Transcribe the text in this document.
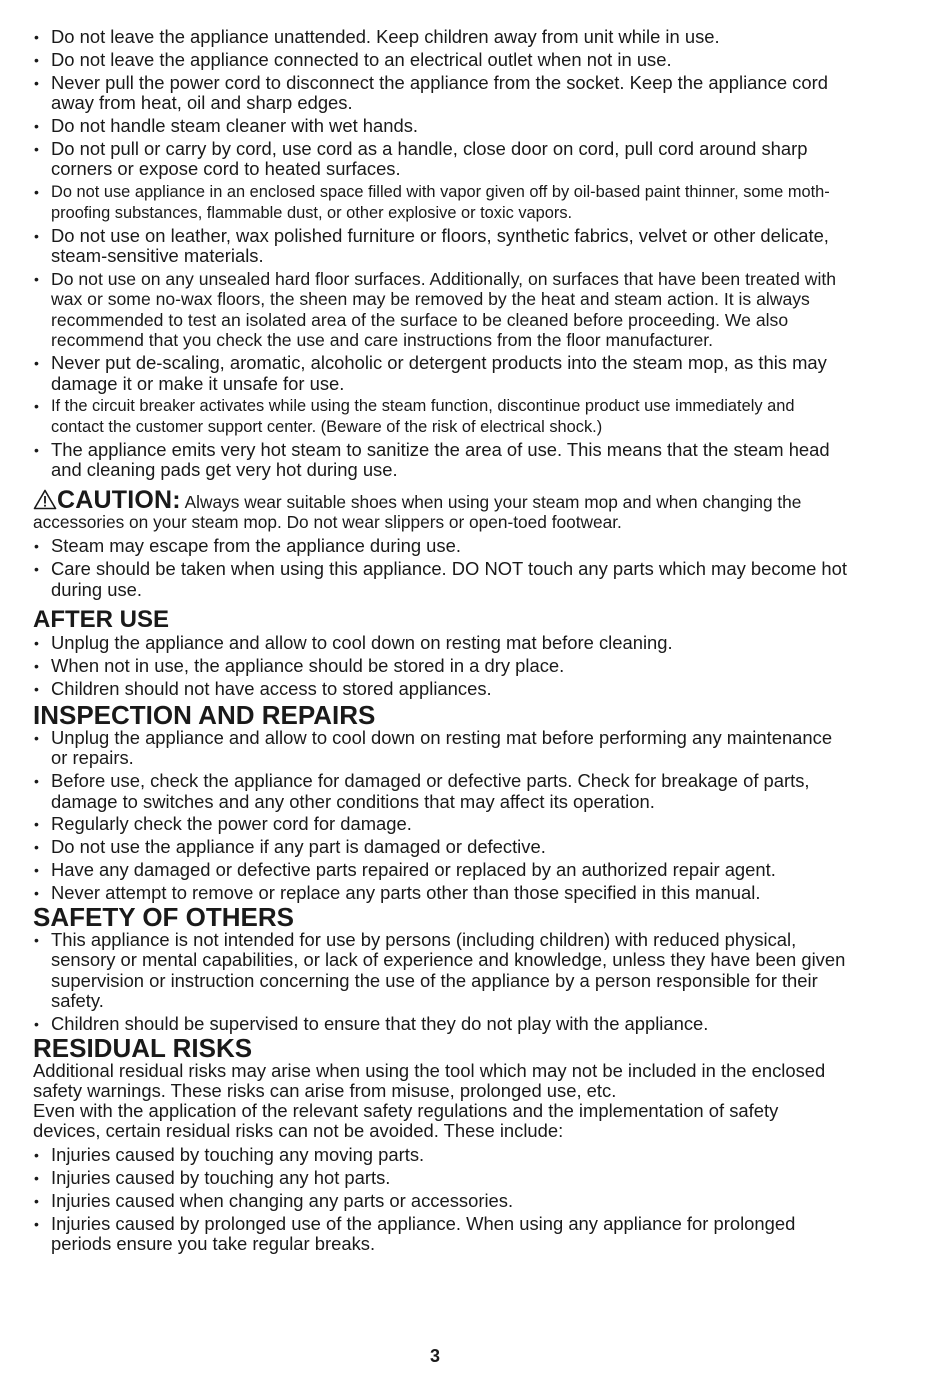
• Do not leave the appliance unattended. Keep children away from unit while in use.
• Do not leave the appliance connected to an electrical outlet when not in use.
• Never pull the power cord to disconnect the appliance from the socket. Keep the appliance cord away from heat, oil and sharp edges.
• Do not handle steam cleaner with wet hands.
• Do not pull or carry by cord, use cord as a handle, close door on cord, pull cord around sharp corners or expose cord to heated surfaces.
• Do not use appliance in an enclosed space filled with vapor given off by oil-based paint thinner, some moth-proofing substances, flammable dust, or other explosive or toxic vapors.
• Do not use on leather, wax polished furniture or floors, synthetic fabrics, velvet or other delicate, steam-sensitive materials.
• Do not use on any unsealed hard floor surfaces. Additionally, on surfaces that have been treated with wax or some no-wax floors, the sheen may be removed by the heat and steam action. It is always recommended to test an isolated area of the surface to be cleaned before proceeding. We also recommend that you check the use and care instructions from the floor manufacturer.
• Never put de-scaling, aromatic, alcoholic or detergent products into the steam mop, as this may damage it or make it unsafe for use.
• If the circuit breaker activates while using the steam function, discontinue product use immediately and contact the customer support center. (Beware of the risk of electrical shock.)
• The appliance emits very hot steam to sanitize the area of use. This means that the steam head and cleaning pads get very hot during use.
CAUTION: Always wear suitable shoes when using your steam mop and when changing the accessories on your steam mop. Do not wear slippers or open-toed footwear.
• Steam may escape from the appliance during use.
• Care should be taken when using this appliance. DO NOT touch any parts which may become hot during use.
AFTER USE
• Unplug the appliance and allow to cool down on resting mat before cleaning.
• When not in use, the appliance should be stored in a dry place.
• Children should not have access to stored appliances.
INSPECTION AND REPAIRS
• Unplug the appliance and allow to cool down on resting mat before performing any maintenance or repairs.
• Before use, check the appliance for damaged or defective parts. Check for breakage of parts, damage to switches and any other conditions that may affect its operation.
• Regularly check the power cord for damage.
• Do not use the appliance if any part is damaged or defective.
• Have any damaged or defective parts repaired or replaced by an authorized repair agent.
• Never attempt to remove or replace any parts other than those specified in this manual.
SAFETY OF OTHERS
• This appliance is not intended for use by persons (including children) with reduced physical, sensory or mental capabilities, or lack of experience and knowledge, unless they have been given supervision or instruction concerning the use of the appliance by a person responsible for their safety.
• Children should be supervised to ensure that they do not play with the appliance.
RESIDUAL RISKS

Additional residual risks may arise when using the tool which may not be included in the enclosed safety warnings. These risks can arise from misuse, prolonged use, etc.

Even with the application of the relevant safety regulations and the implementation of safety devices, certain residual risks can not be avoided. These include:

• Injuries caused by touching any moving parts.
• Injuries caused by touching any hot parts.
• Injuries caused when changing any parts or accessories.
• Injuries caused by prolonged use of the appliance. When using any appliance for prolonged periods ensure you take regular breaks.
3
